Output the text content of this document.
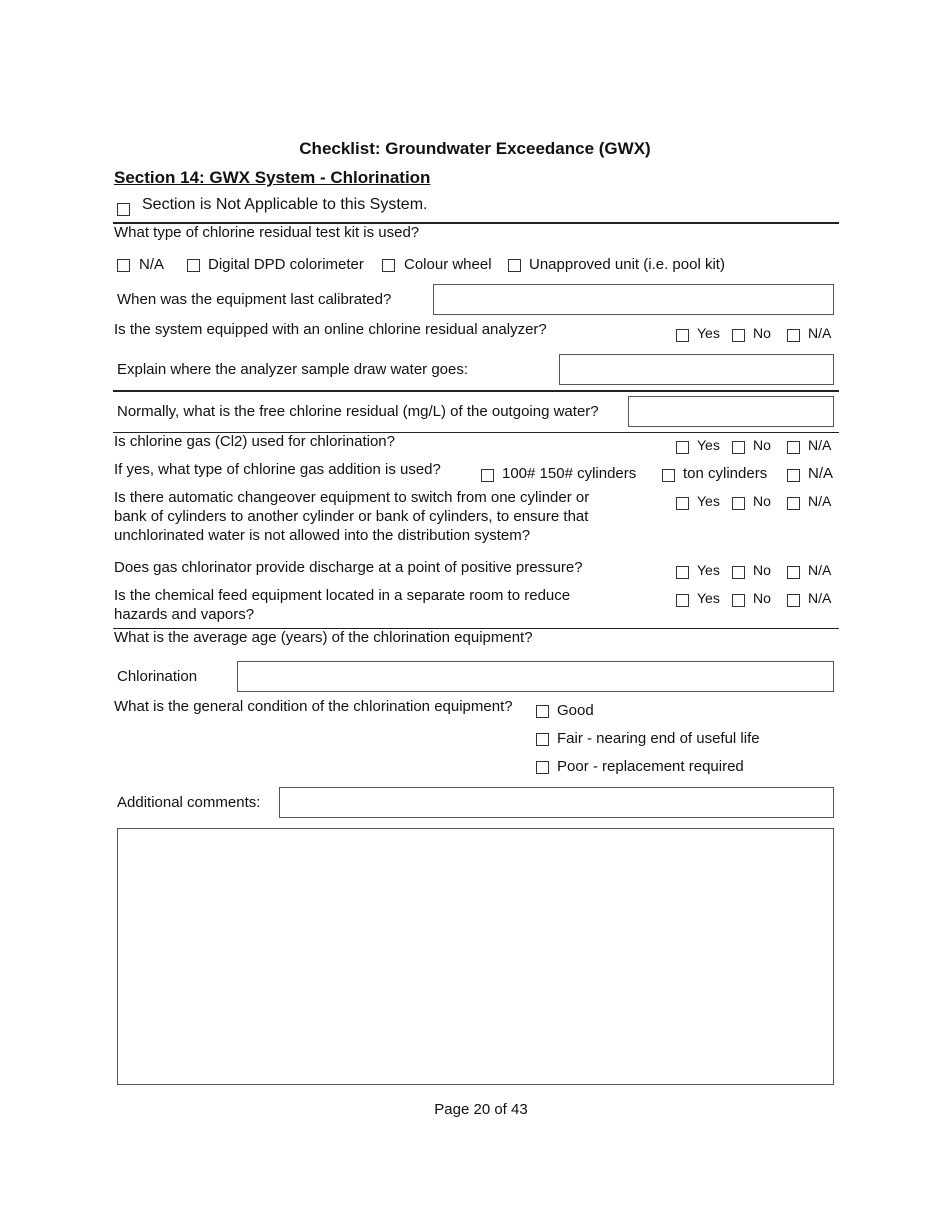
Checklist: Groundwater Exceedance (GWX)
Section 14: GWX System - Chlorination
Section is Not Applicable to this System.
What type of chlorine residual test kit is used?
N/A	Digital DPD colorimeter	Colour wheel Unapproved unit (i.e. pool kit)
When was the equipment last calibrated?
Is the system equipped with an online chlorine residual analyzer?	Yes No	N/A
Explain where the analyzer sample draw water goes:
Normally, what is the free chlorine residual (mg/L) of the outgoing water?
Is chlorine gas (Cl2) used for chlorination?	Yes No	N/A
If yes, what type of chlorine gas addition is used?	100# 150# cylinders	ton cylinders	N/A
Is there automatic changeover equipment to switch from one cylinder or bank of cylinders to another cylinder or bank of cylinders, to ensure that unchlorinated water is not allowed into the distribution system?
Yes No	N/A
Does gas chlorinator provide discharge at a point of positive pressure?	Yes No	N/A
Is the chemical feed equipment located in a separate room to reduce hazards and vapors?
Yes No	N/A
What is the average age (years) of the chlorination equipment?
Chlorination
What is the general condition of the chlorination equipment?	Good
Fair - nearing end of useful life
Poor - replacement required
Additional comments:
Page 20 of 43
